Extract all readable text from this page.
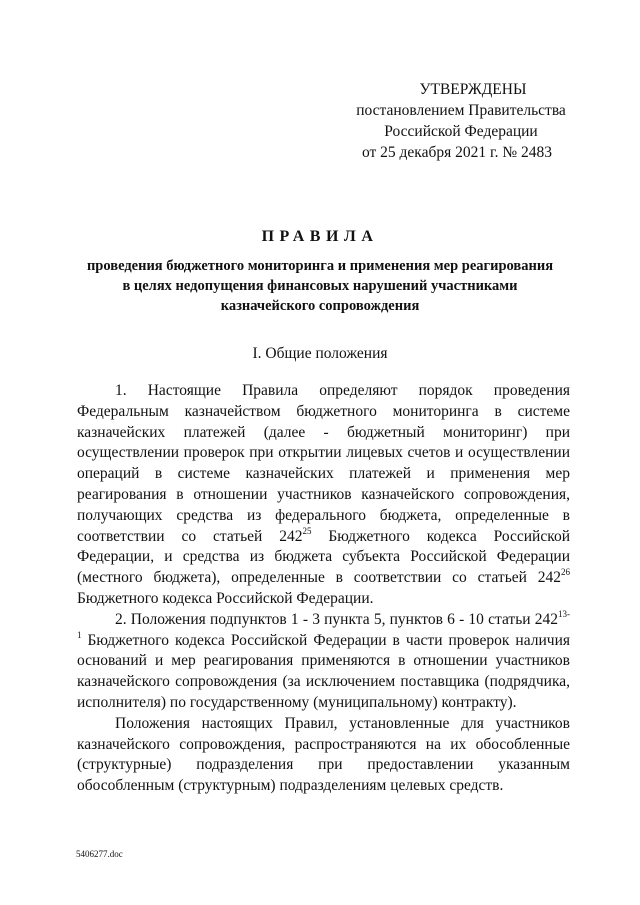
УТВЕРЖДЕНЫ
постановлением Правительства
Российской Федерации
от 25 декабря 2021 г. № 2483
ПРАВИЛА
проведения бюджетного мониторинга и применения мер реагирования
в целях недопущения финансовых нарушений участниками
казначейского сопровождения
I. Общие положения

1. Настоящие Правила определяют порядок проведения Федеральным казначейством бюджетного мониторинга в системе казначейских платежей (далее - бюджетный мониторинг) при осуществлении проверок при открытии лицевых счетов и осуществлении операций в системе казначейских платежей и применения мер реагирования в отношении участников казначейского сопровождения, получающих средства из федерального бюджета, определенные в соответствии со статьей $242^{25}$ Бюджетного кодекса Российской Федерации, и средства из бюджета субъекта Российской Федерации (местного бюджета), определенные в соответствии со статьей $242^{26}$ Бюджетного кодекса Российской Федерации.

2. Положения подпунктов 1 - 3 пункта 5, пунктов 6 - 10 статьи 242$^{13-1}$ Бюджетного кодекса Российской Федерации в части проверок наличия оснований и мер реагирования применяются в отношении участников казначейского сопровождения (за исключением поставщика (подрядчика, исполнителя) по государственному (муниципальному) контракту).

Положения настоящих Правил, установленные для участников казначейского сопровождения, распространяются на их обособленные (структурные) подразделения при предоставлении указанным обособленным (структурным) подразделениям целевых средств.

5406277.doc
